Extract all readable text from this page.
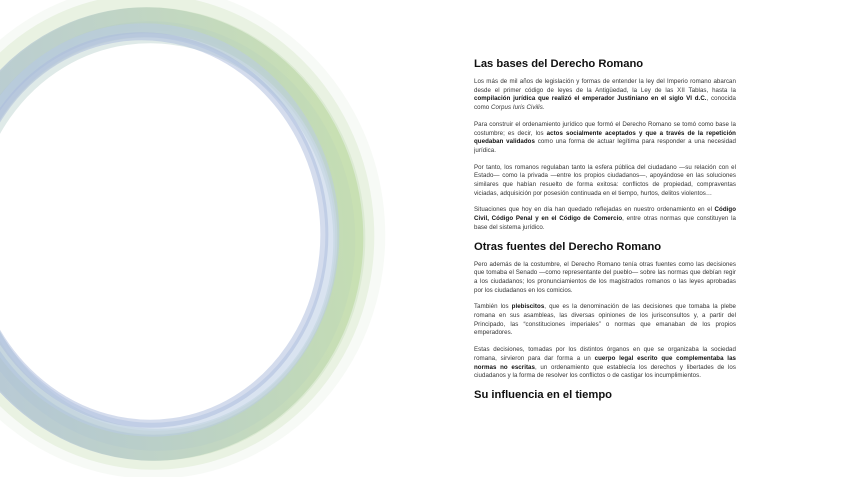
Las bases del Derecho Romano

Los más de mil años de legislación y formas de entender la ley del Imperio romano abarcan desde el primer código de leyes de la Antigüedad, la Ley de las XII Tablas, hasta la compilación jurídica que realizó el emperador Justiniano en el siglo VI d.C., conocida como Corpus Iuris Civilis.

Para construir el ordenamiento jurídico que formó el Derecho Romano se tomó como base la costumbre; es decir, los actos socialmente aceptados y que a través de la repetición quedaban validados como una forma de actuar legítima para responder a una necesidad jurídica.

Por tanto, los romanos regulaban tanto la esfera pública del ciudadano —su relación con el Estado— como la privada —entre los propios ciudadanos—, apoyándose en las soluciones similares que habían resuelto de forma exitosa: conflictos de propiedad, compraventas viciadas, adquisición por posesión continuada en el tiempo, hurtos, delitos violentos…

Situaciones que hoy en día han quedado reflejadas en nuestro ordenamiento en el Código Civil, Código Penal y en el Código de Comercio, entre otras normas que constituyen la base del sistema jurídico.

Otras fuentes del Derecho Romano

Pero además de la costumbre, el Derecho Romano tenía otras fuentes como las decisiones que tomaba el Senado —como representante del pueblo— sobre las normas que debían regir a los ciudadanos; los pronunciamientos de los magistrados romanos o las leyes aprobadas por los ciudadanos en los comicios.

También los plebiscitos, que es la denominación de las decisiones que tomaba la plebe romana en sus asambleas, las diversas opiniones de los jurisconsultos y, a partir del Principado, las “constituciones imperiales” o normas que emanaban de los propios emperadores.

Estas decisiones, tomadas por los distintos órganos en que se organizaba la sociedad romana, sirvieron para dar forma a un cuerpo legal escrito que complementaba las normas no escritas, un ordenamiento que establecía los derechos y libertades de los ciudadanos y la forma de resolver los conflictos o de castigar los incumplimientos.

Su influencia en el tiempo
